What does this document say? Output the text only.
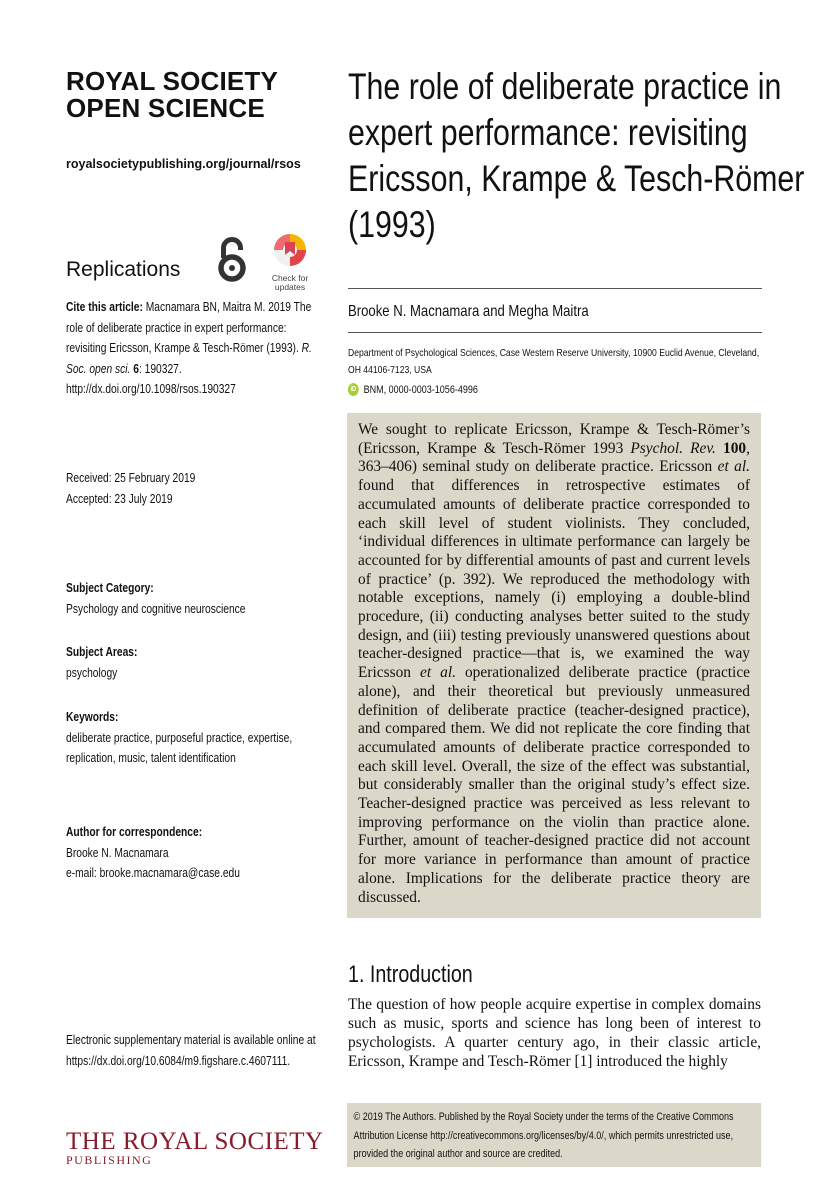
ROYAL SOCIETY
OPEN SCIENCE
royalsocietypublishing.org/journal/rsos
Replications	Check for
updates
Cite this article: Macnamara BN, Maitra M. 2019 The role of deliberate practice in expert performance: revisiting Ericsson, Krampe & Tesch-Römer (1993). R. Soc. open sci. 6: 190327. http://dx.doi.org/10.1098/rsos.190327
Received: 25 February 2019
Accepted: 23 July 2019
Subject Category:
Psychology and cognitive neuroscience
Subject Areas:
psychology
Keywords:
deliberate practice, purposeful practice, expertise, replication, music, talent identification
Author for correspondence:
Brooke N. Macnamara
e-mail: brooke.macnamara@case.edu
Electronic supplementary material is available online at https://dx.doi.org/10.6084/m9.figshare.c.4607111.
THE ROYAL SOCIETY
PUBLISHING
The role of deliberate practice in expert performance: revisiting Ericsson, Krampe & Tesch-Römer (1993)
Brooke N. Macnamara and Megha Maitra
Department of Psychological Sciences, Case Western Reserve University, 10900 Euclid Avenue, Cleveland, OH 44106-7123, USA
iD BNM, 0000-0003-1056-4996
We sought to replicate Ericsson, Krampe & Tesch-Römer’s (Ericsson, Krampe & Tesch-Römer 1993 Psychol. Rev. 100, 363–406) seminal study on deliberate practice. Ericsson et al. found that differences in retrospective estimates of accumulated amounts of deliberate practice corresponded to each skill level of student violinists. They concluded, ‘individual differences in ultimate performance can largely be accounted for by differential amounts of past and current levels of practice’ (p. 392). We reproduced the methodology with notable exceptions, namely (i) employing a double-blind procedure, (ii) conducting analyses better suited to the study design, and (iii) testing previously unanswered questions about teacher-designed practice—that is, we examined the way Ericsson et al. operationalized deliberate practice (practice alone), and their theoretical but previously unmeasured definition of deliberate practice (teacher-designed practice), and compared them. We did not replicate the core finding that accumulated amounts of deliberate practice corresponded to each skill level. Overall, the size of the effect was substantial, but considerably smaller than the original study’s effect size. Teacher-designed practice was perceived as less relevant to improving performance on the violin than practice alone. Further, amount of teacher-designed practice did not account for more variance in performance than amount of practice alone. Implications for the deliberate practice theory are discussed.
1. Introduction
The question of how people acquire expertise in complex domains such as music, sports and science has long been of interest to psychologists. A quarter century ago, in their classic article, Ericsson, Krampe and Tesch-Römer [1] introduced the highly
© 2019 The Authors. Published by the Royal Society under the terms of the Creative Commons Attribution License http://creativecommons.org/licenses/by/4.0/, which permits unrestricted use, provided the original author and source are credited.
